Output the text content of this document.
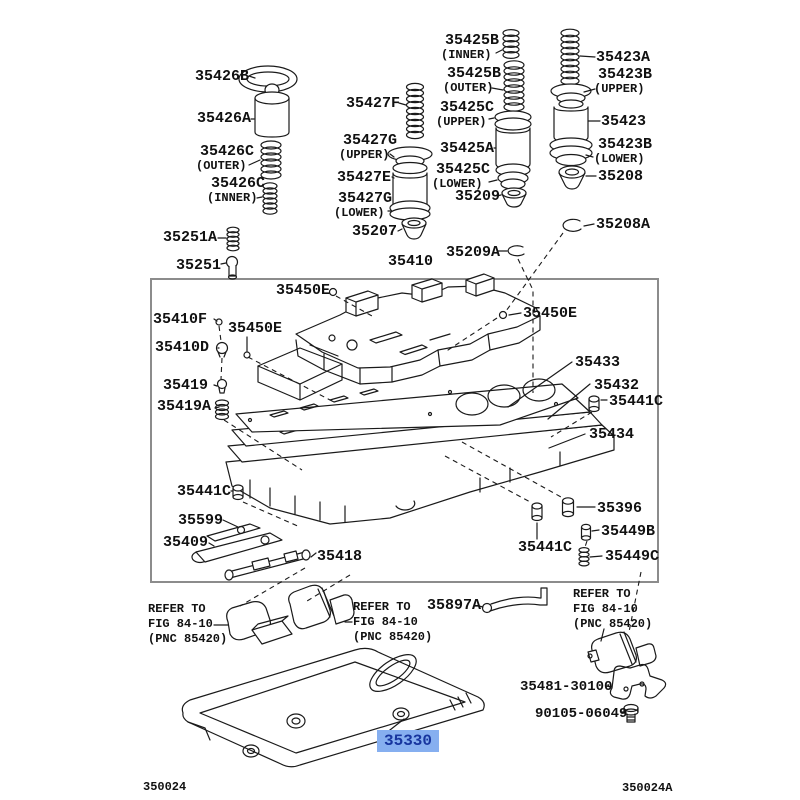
35426B
35426A
35426C
(OUTER)
35426C
(INNER)
35251A
35251
35427F
35427G
(UPPER)
35427E
35427G
(LOWER)
35207
35425B
(INNER)
35425B
(OUTER)
35425C
(UPPER)
35425A
35425C
(LOWER)
35209
35209A
35423A
35423B
(UPPER)
35423
35423B
(LOWER)
35208
35208A
35410
35450E
35410F
35450E
35410D
35450E
35419
35419A
35433
35432
35441C
35434
35441C
35599
35409
35418
35396
35449B
35441C
35449C
REFER TO
FIG 84-10
(PNC 85420)
REFER TO
FIG 84-10
(PNC 85420)
REFER TO
FIG 84-10
(PNC 85420)
35897A
35481-30100
90105-06049
35330
350024	350024A
